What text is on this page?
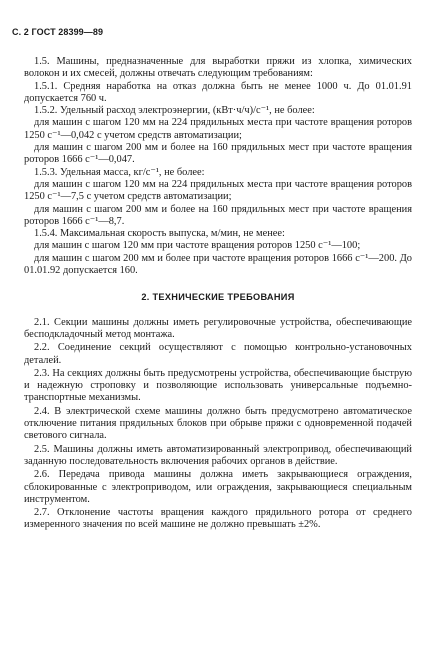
С. 2 ГОСТ 28399—89

1.5. Машины, предназначенные для выработки пряжи из хлопка, химических волокон и их смесей, должны отвечать следующим требованиям:

1.5.1. Средняя наработка на отказ должна быть не менее 1000 ч. До 01.01.91 допускается 760 ч.

1.5.2. Удельный расход электроэнергии, (кВт·ч/ч)/с⁻¹, не более:

для машин с шагом 120 мм на 224 прядильных места при частоте вращения роторов 1250 с⁻¹—0,042 с учетом средств автоматизации;

для машин с шагом 200 мм и более на 160 прядильных мест при частоте вращения роторов 1666 с⁻¹—0,047.

1.5.3. Удельная масса, кг/с⁻¹, не более:

для машин с шагом 120 мм на 224 прядильных места при частоте вращения роторов 1250 с⁻¹—7,5 с учетом средств автоматизации;

для машин с шагом 200 мм и более на 160 прядильных мест при частоте вращения роторов 1666 с⁻¹—8,7.

1.5.4. Максимальная скорость выпуска, м/мин, не менее:

для машин с шагом 120 мм при частоте вращения роторов 1250 с⁻¹—100;

для машин с шагом 200 мм и более при частоте вращения роторов 1666 с⁻¹—200. До 01.01.92 допускается 160.

2. ТЕХНИЧЕСКИЕ ТРЕБОВАНИЯ

2.1. Секции машины должны иметь регулировочные устройства, обеспечивающие бесподкладочный метод монтажа.

2.2. Соединение секций осуществляют с помощью контрольно-установочных деталей.

2.3. На секциях должны быть предусмотрены устройства, обеспечивающие быструю и надежную строповку и позволяющие использовать универсальные подъемно-транспортные механизмы.

2.4. В электрической схеме машины должно быть предусмотрено автоматическое отключение питания прядильных блоков при обрыве пряжи с одновременной подачей светового сигнала.

2.5. Машины должны иметь автоматизированный электропривод, обеспечивающий заданную последовательность включения рабочих органов в действие.

2.6. Передача привода машины должна иметь закрывающиеся ограждения, сблокированные с электроприводом, или ограждения, закрывающиеся специальным инструментом.

2.7. Отклонение частоты вращения каждого прядильного ротора от среднего измеренного значения по всей машине не должно превышать ±2%.
